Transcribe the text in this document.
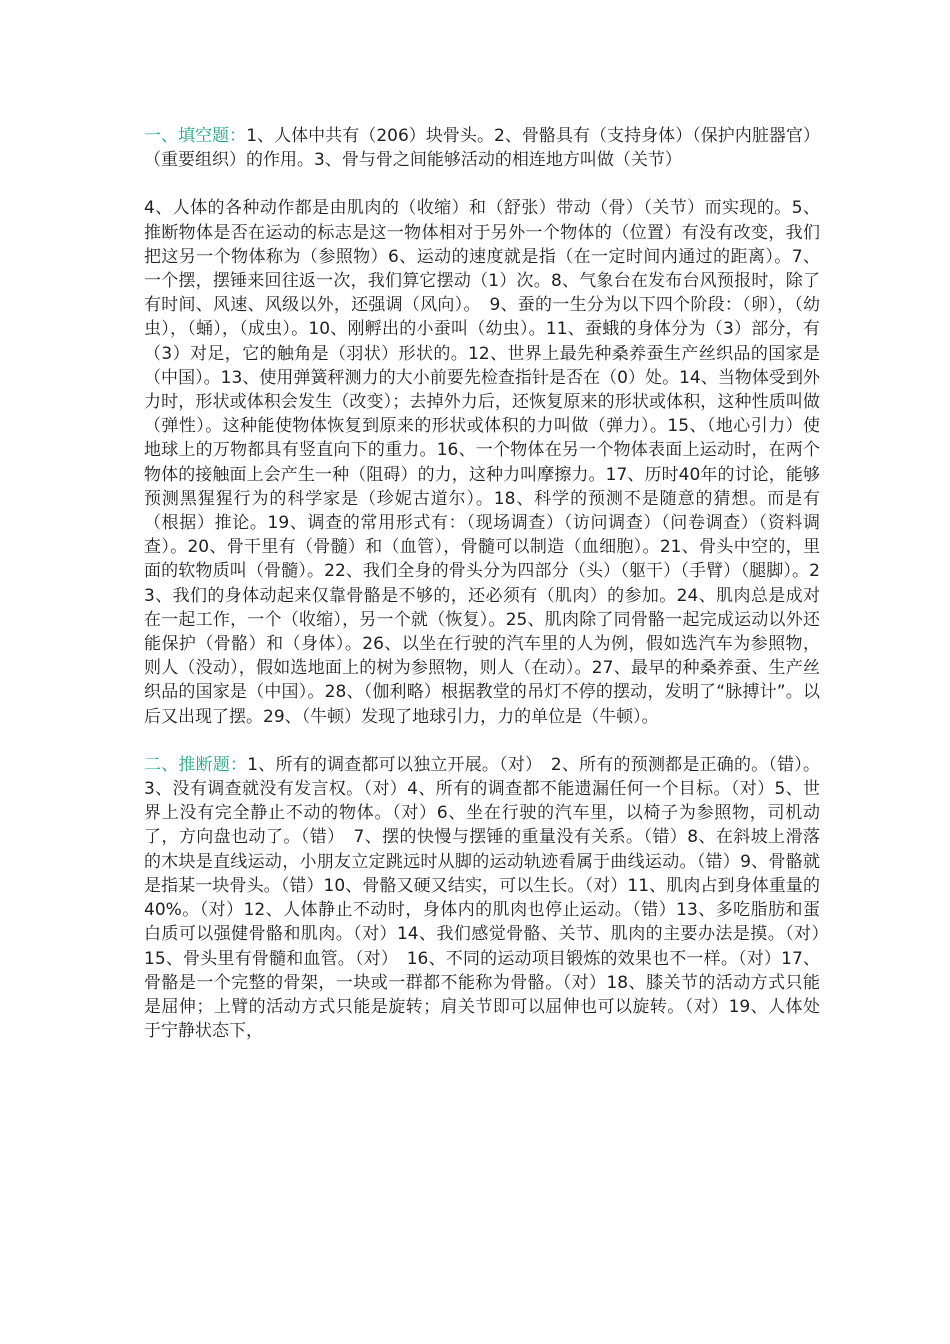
一、填空题：1、人体中共有（206）块骨头。2、骨骼具有（支持身体）（保护内脏器官）（重要组织）的作用。3、骨与骨之间能够活动的相连地方叫做（关节）

4、人体的各种动作都是由肌肉的（收缩）和（舒张）带动（骨）（关节）而实现的。5、推断物体是否在运动的标志是这一物体相对于另外一个物体的（位置）有没有改变，我们把这另一个物体称为（参照物）6、运动的速度就是指（在一定时间内通过的距离）。7、一个摆，摆锤来回往返一次，我们算它摆动（1）次。8、气象台在发布台风预报时，除了有时间、风速、风级以外，还强调（风向）。　9、蚕的一生分为以下四个阶段：（卵），（幼虫），（蛹），（成虫）。10、刚孵出的小蚕叫（幼虫）。11、蚕蛾的身体分为（3）部分，有（3）对足，它的触角是（羽状）形状的。12、世界上最先种桑养蚕生产丝织品的国家是（中国）。13、使用弹簧秤测力的大小前要先检查指针是否在（0）处。14、当物体受到外力时，形状或体积会发生（改变）；去掉外力后，还恢复原来的形状或体积，这种性质叫做（弹性）。这种能使物体恢复到原来的形状或体积的力叫做（弹力）。15、（地心引力）使地球上的万物都具有竖直向下的重力。16、一个物体在另一个物体表面上运动时，在两个物体的接触面上会产生一种（阻碍）的力，这种力叫摩擦力。17、历时40年的讨论，能够预测黑猩猩行为的科学家是（珍妮古道尔）。18、科学的预测不是随意的猜想。而是有（根据）推论。19、调查的常用形式有：（现场调查）（访问调查）（问卷调查）（资料调查）。20、骨干里有（骨髓）和（血管），骨髓可以制造（血细胞）。21、骨头中空的，里面的软物质叫（骨髓）。22、我们全身的骨头分为四部分（头）（躯干）（手臂）（腿脚）。23、我们的身体动起来仅靠骨骼是不够的，还必须有（肌肉）的参加。24、肌肉总是成对在一起工作，一个（收缩），另一个就（恢复）。25、肌肉除了同骨骼一起完成运动以外还能保护（骨骼）和（身体）。26、以坐在行驶的汽车里的人为例，假如选汽车为参照物，则人（没动），假如选地面上的树为参照物，则人（在动）。27、最早的种桑养蚕、生产丝织品的国家是（中国）。28、（伽利略）根据教堂的吊灯不停的摆动，发明了“脉搏计”。以后又出现了摆。29、（牛顿）发现了地球引力，力的单位是（牛顿）。

二、推断题：1、所有的调查都可以独立开展。（对）　2、所有的预测都是正确的。（错）。3、没有调查就没有发言权。（对）4、所有的调查都不能遗漏任何一个目标。（对）5、世界上没有完全静止不动的物体。（对）6、坐在行驶的汽车里，以椅子为参照物，司机动了，方向盘也动了。（错）　7、摆的快慢与摆锤的重量没有关系。（错）8、在斜坡上滑落的木块是直线运动，小朋友立定跳远时从脚的运动轨迹看属于曲线运动。（错）9、骨骼就是指某一块骨头。（错）10、骨骼又硬又结实，可以生长。（对）11、肌肉占到身体重量的40%。（对）12、人体静止不动时，身体内的肌肉也停止运动。（错）13、多吃脂肪和蛋白质可以强健骨骼和肌肉。（对）14、我们感觉骨骼、关节、肌肉的主要办法是摸。（对）　15、骨头里有骨髓和血管。（对）　16、不同的运动项目锻炼的效果也不一样。（对）17、骨骼是一个完整的骨架，一块或一群都不能称为骨骼。（对）18、膝关节的活动方式只能是屈伸；上臂的活动方式只能是旋转；肩关节即可以屈伸也可以旋转。（对）19、人体处于宁静状态下，
